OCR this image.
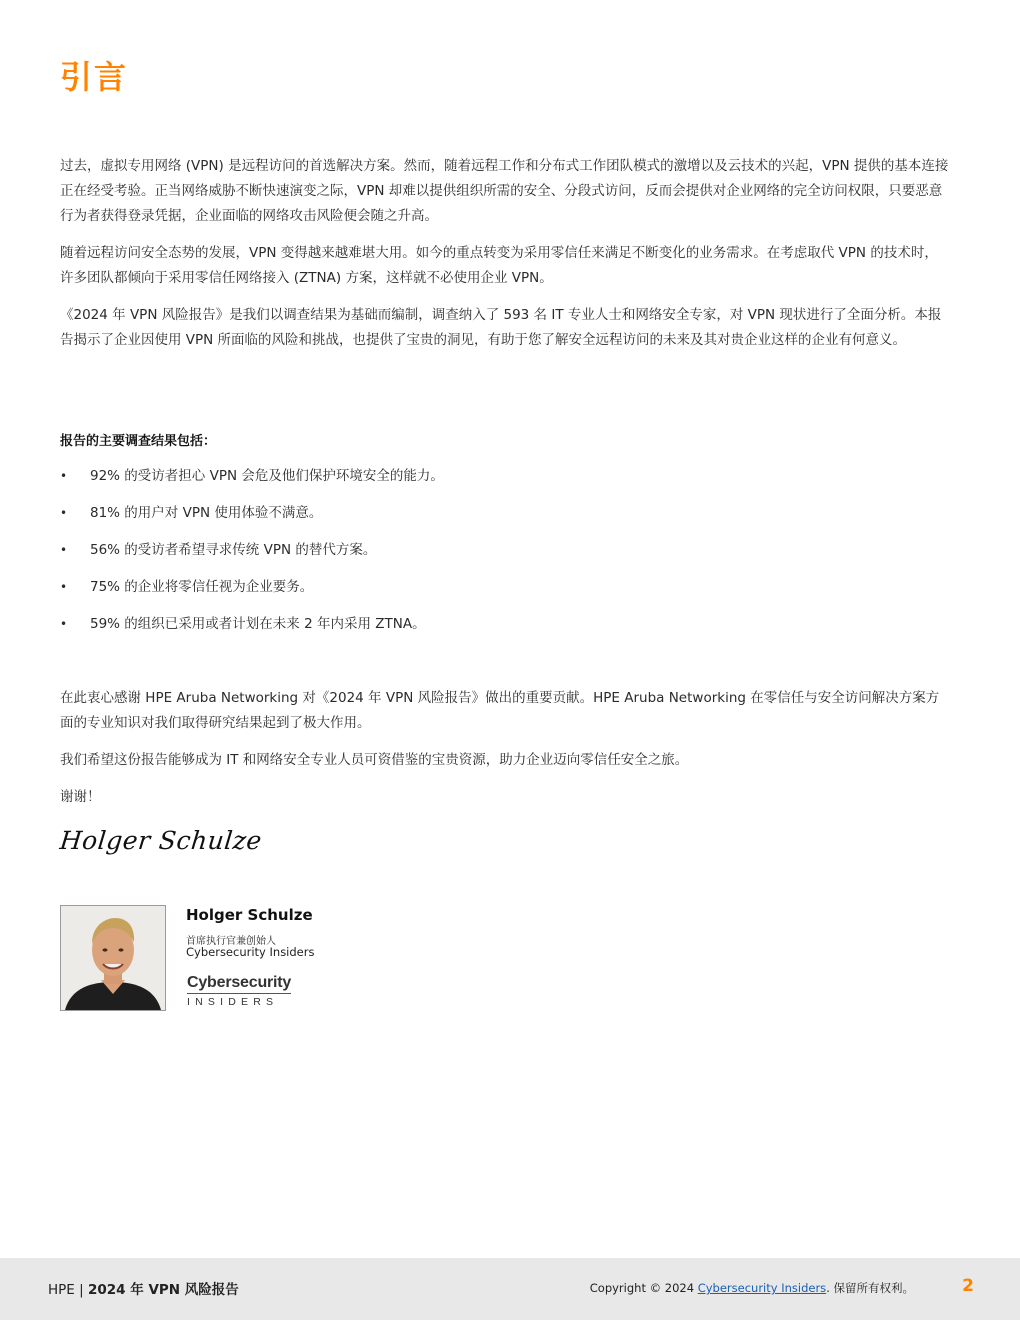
引言

过去，虚拟专用网络 (VPN) 是远程访问的首选解决方案。然而，随着远程工作和分布式工作团队模式的激增以及云技术的兴起，VPN 提供的基本连接正在经受考验。正当网络威胁不断快速演变之际，VPN 却难以提供组织所需的安全、分段式访问，反而会提供对企业网络的完全访问权限，只要恶意行为者获得登录凭据，企业面临的网络攻击风险便会随之升高。

随着远程访问安全态势的发展，VPN 变得越来越难堪大用。如今的重点转变为采用零信任来满足不断变化的业务需求。在考虑取代 VPN 的技术时，许多团队都倾向于采用零信任网络接入 (ZTNA) 方案，这样就不必使用企业 VPN。

《2024 年 VPN 风险报告》是我们以调查结果为基础而编制，调查纳入了 593 名 IT 专业人士和网络安全专家，对 VPN 现状进行了全面分析。本报告揭示了企业因使用 VPN 所面临的风险和挑战，也提供了宝贵的洞见，有助于您了解安全远程访问的未来及其对贵企业这样的企业有何意义。

报告的主要调查结果包括：
•	92% 的受访者担心 VPN 会危及他们保护环境安全的能力。
•	81% 的用户对 VPN 使用体验不满意。
•	56% 的受访者希望寻求传统 VPN 的替代方案。
•	75% 的企业将零信任视为企业要务。
•	59% 的组织已采用或者计划在未来 2 年内采用 ZTNA。

在此衷心感谢 HPE Aruba Networking 对《2024 年 VPN 风险报告》做出的重要贡献。HPE Aruba Networking 在零信任与安全访问解决方案方面的专业知识对我们取得研究结果起到了极大作用。

我们希望这份报告能够成为 IT 和网络安全专业人员可资借鉴的宝贵资源，助力企业迈向零信任安全之旅。

谢谢！

Holger Schulze
Holger Schulze
首席执行官兼创始人
Cybersecurity Insiders
Cybersecurity
INSIDERS
HPE | 2024 年 VPN 风险报告	Copyright © 2024 Cybersecurity Insiders. 保留所有权利。	2
